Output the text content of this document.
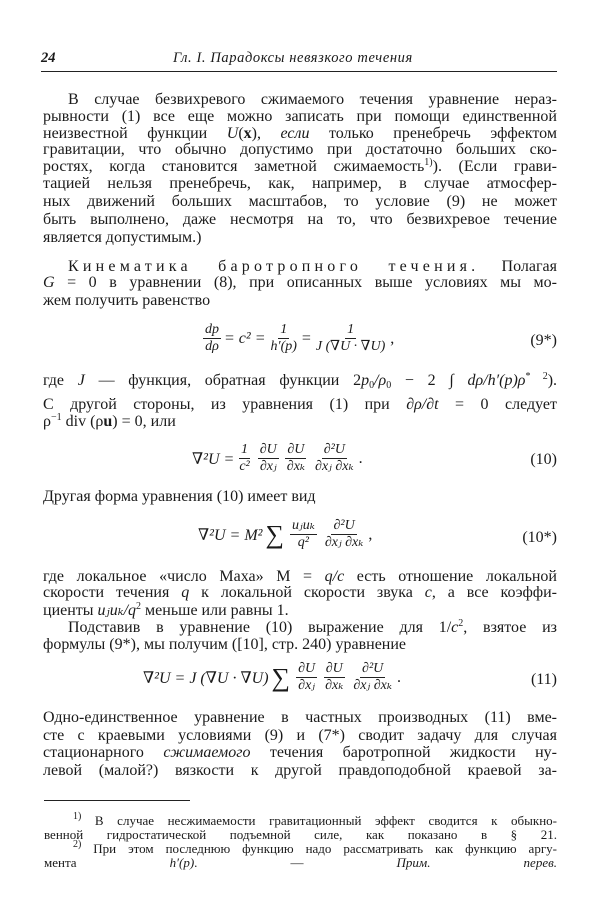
24	Гл. I. Парадоксы невязкого течения
В случае безвихревого сжимаемого течения уравнение нераз-
рывности (1) все еще можно записать при помощи единственной
неизвестной функции U(x), если только пренебречь эффектом
гравитации, что обычно допустимо при достаточно больших ско-
ростях, когда становится заметной сжимаемость$^{1)}$). (Если грави-
тацией нельзя пренебречь, как, например, в случае атмосфер-
ных движений больших масштабов, то условие (9) не может
быть выполнено, даже несмотря на то, что безвихревое течение
является допустимым.)
Кинематика баротропного течения. Полагая
G = 0 в уравнении (8), при описанных выше условиях мы мо-
жем получить равенство
$\frac{dp}{d\rho} = c^2 = \frac{1}{h'(p)} = \frac{1}{J (\nabla U \cdot \nabla U)}$ ,	(9*)
где J — функция, обратная функции $2p_0/\rho_0 - 2$ ∫ $d\rho/h'(p)\rho^{* 2}$).
С другой стороны, из уравнения (1) при ∂ρ/∂t = 0 следует
$\rho^{-1}$ div (ρu) = 0, или
$\nabla^2U = \frac{1}{\text{c²}} \frac{\partial U}{\text{∂xⱼ}} \frac{\partial U}{\text{∂xₖ}} \frac{\text{∂²U}}{\text{∂xⱼ ∂xₖ}}$ .	(10)
Другая форма уравнения (10) имеет вид
∇²U = M² ∑ uⱼuₖ
$q^2 \frac{\text{∂²U}}{\text{∂xⱼ ∂xₖ}}$ ,	(10*)
где локальное «число Маха» M = q/c есть отношение локальной
скорости течения q к локальной скорости звука c, а все коэффи-
циенты uⱼuₖ/$q^2$ меньше или равны 1.
Подставив в уравнение (10) выражение для $1/c^2$, взятое из
формулы (9*), мы получим ([10], стр. 240) уравнение
∇²U = J (∇U · ∇U) ∑ $\frac{\partial U}{\text{∂xⱼ}} \frac{\partial U}{\text{∂xₖ}} \frac{\text{∂²U}}{\text{∂xⱼ ∂xₖ}}$ .	(11)
Одно-единственное уравнение в частных производных (11) вме-
сте с краевыми условиями (9) и (7*) сводит задачу для случая
стационарного сжимаемого течения баротропной жидкости ну-
левой (малой?) вязкости к другой правдоподобной краевой за-
$^{1)}$ В случае несжимаемости гравитационный эффект сводится к обыкно-
венной гидростатической подъемной силе, как показано в § 21.
$^{2)}$ При этом последнюю функцию надо рассматривать как функцию аргу-
мента h′(p). — Прим. перев.
